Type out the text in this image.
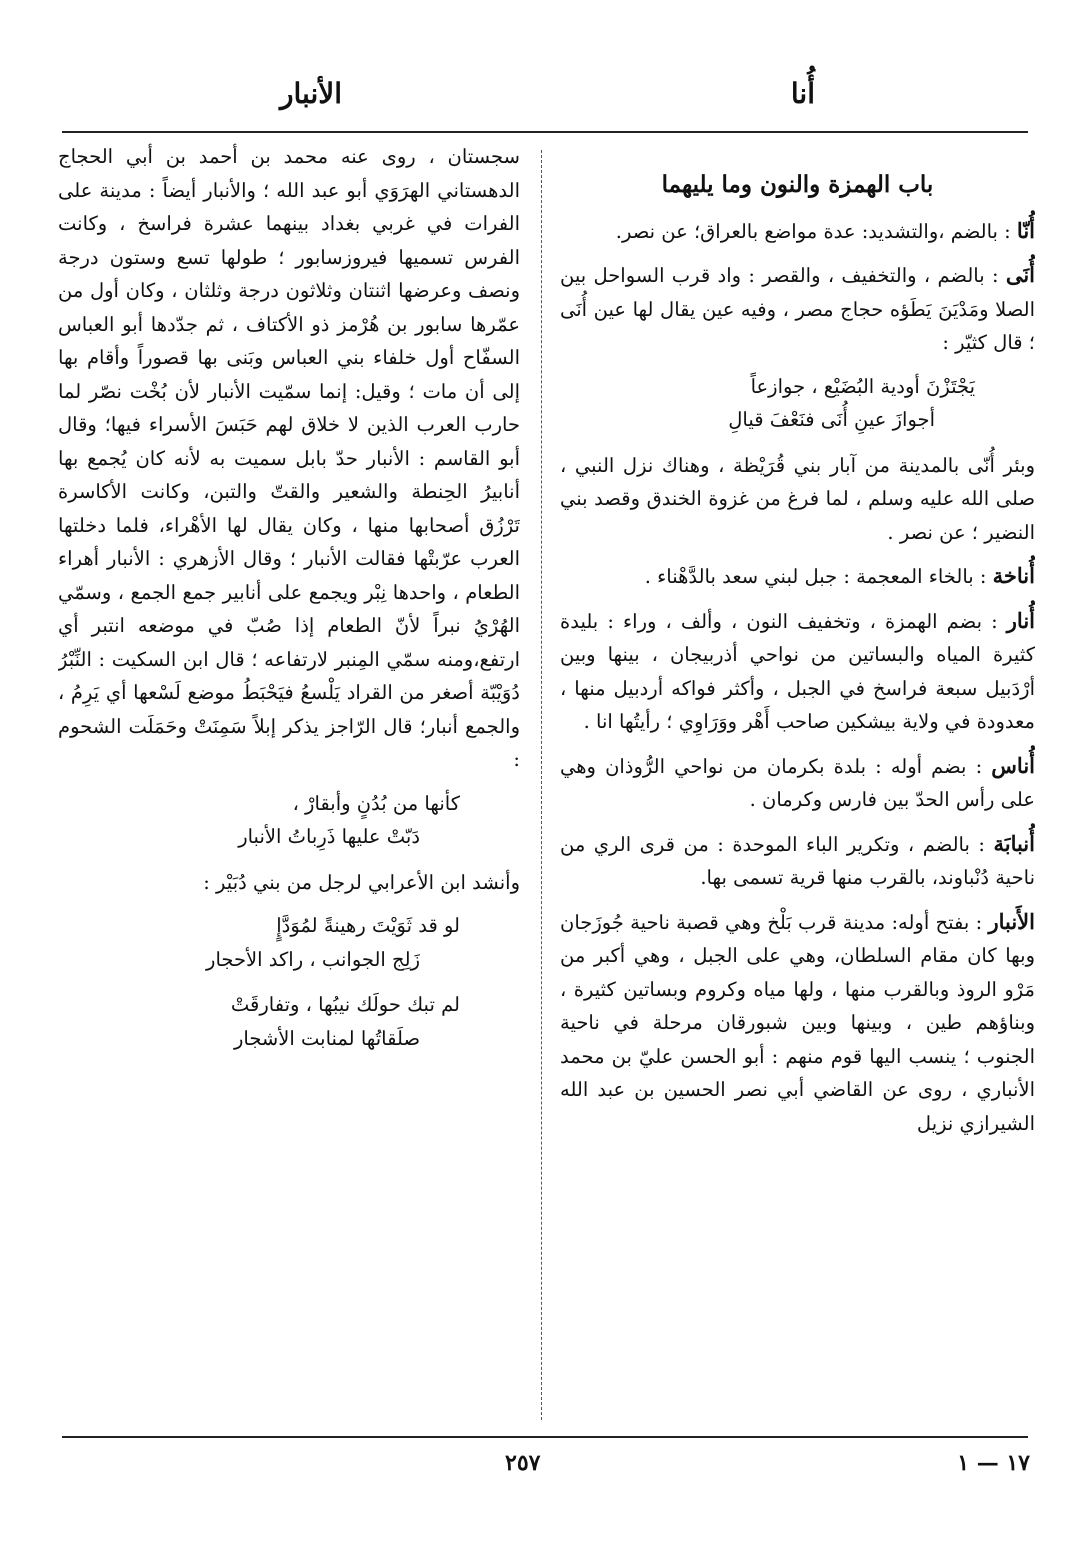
أُنا
الأنبار
باب الهمزة والنون وما يليهما

أُنّا : بالضم ،والتشديد: عدة مواضع بالعراق؛ عن نصر.

أُنَى : بالضم ، والتخفيف ، والقصر : واد قرب السواحل بين الصلا ومَدْيَنَ يَطَؤه حجاج مصر ، وفيه عين يقال لها عين أُنَى ؛ قال كثيّر :

يَجْتَزْنَ أودية البُضَيْع ، جوازعاً
أجوازَ عينِ أُنَى فنَعْفَ قيالِ

وبئر أُنّى بالمدينة من آبار بني قُرَيْظة ، وهناك نزل النبي ، صلى الله عليه وسلم ، لما فرغ من غزوة الخندق وقصد بني النضير ؛ عن نصر .

أُناخة : بالخاء المعجمة : جبل لبني سعد بالدَّهْناء .

أُنار : بضم الهمزة ، وتخفيف النون ، وألف ، وراء : بليدة كثيرة المياه والبساتين من نواحي أذربيجان ، بينها وبين أرْدَبيل سبعة فراسخ في الجبل ، وأكثر فواكه أردبيل منها ، معدودة في ولاية بيشكين صاحب أَهْر ووَرَاوِي ؛ رأيتُها انا .

أُناس : بضم أوله : بلدة بكرمان من نواحي الرُّوذان وهي على رأس الحدّ بين فارس وكرمان .

أُنبابَة : بالضم ، وتكرير الباء الموحدة : من قرى الري من ناحية دُنْباوند، بالقرب منها قرية تسمى بها.

الأَنبار : بفتح أوله: مدينة قرب بَلْخ وهي قصبة ناحية جُوزَجان وبها كان مقام السلطان، وهي على الجبل ، وهي أكبر من مَرْو الروذ وبالقرب منها ، ولها مياه وكروم وبساتين كثيرة ، وبناؤهم طين ، وبينها وبين شبورقان مرحلة في ناحية الجنوب ؛ ينسب اليها قوم منهم : أبو الحسن عليّ بن محمد الأنباري ، روى عن القاضي أبي نصر الحسين بن عبد الله الشيرازي نزيل

سجستان ، روى عنه محمد بن أحمد بن أبي الحجاج الدهستاني الهرَوَي أبو عبد الله ؛ والأنبار أيضاً : مدينة على الفرات في غربي بغداد بينهما عشرة فراسخ ، وكانت الفرس تسميها فيروزسابور ؛ طولها تسع وستون درجة ونصف وعرضها اثنتان وثلاثون درجة وثلثان ، وكان أول من عمّرها سابور بن هُرْمز ذو الأكتاف ، ثم جدّدها أبو العباس السفّاح أول خلفاء بني العباس وبَنى بها قصوراً وأقام بها إلى أن مات ؛ وقيل: إنما سمّيت الأنبار لأن بُخْت نصّر لما حارب العرب الذين لا خلاق لهم حَبَسَ الأسراء فيها؛ وقال أبو القاسم : الأنبار حدّ بابل سميت به لأنه كان يُجمع بها أنابيرُ الحِنطة والشعير والقتّ والتبن، وكانت الأكاسرة تَرْزُق أصحابها منها ، وكان يقال لها الأهْراء، فلما دخلتها العرب عرّبتْها فقالت الأنبار ؛ وقال الأزهري : الأنبار أهراء الطعام ، واحدها نِبْر ويجمع على أنابير جمع الجمع ، وسمّي الهُرْيُ نبراً لأنّ الطعام إذا صُبّ في موضعه انتبر أي ارتفع،ومنه سمّي المِنبر لارتفاعه ؛ قال ابن السكيت : النِّبْرُ دُوَيْبّة أصغر من القراد يَلْسعُ فيَحْبَطُ موضع لَسْعها أي يَرِمُ ، والجمع أنبار؛ قال الرّاجز يذكر إبلاً سَمِنَتْ وحَمَلَت الشحوم :

كأنها من بُدُنٍ وأبقارْ ،
دَبّتْ عليها ذَرِباتُ الأنبار

وأنشد ابن الأعرابي لرجل من بني دُبَيْر :

لو قد ثَوَيْتَ رهينةً لمُوَدَّإٍ
زَلِج الجوانب ، راكد الأحجار
لم تبك حولَك نيبُها ، وتفارقَتْ
صلَقاتُها لمنابت الأشجار
٢٥٧	١٧ — ١
